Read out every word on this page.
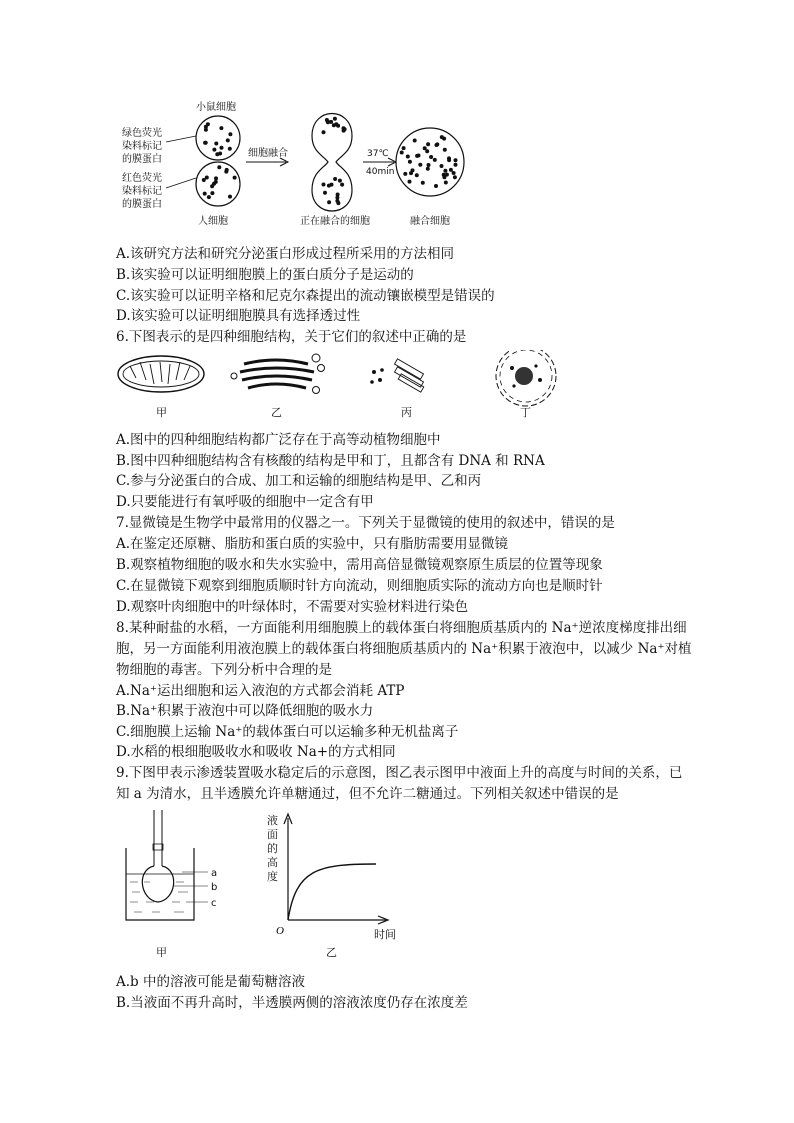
小鼠细胞
绿色荧光
染料标记
的膜蛋白
红色荧光
染料标记
的膜蛋白
人细胞
细胞融合
正在融合的细胞
37℃
40min
融合细胞
A.该研究方法和研究分泌蛋白形成过程所采用的方法相同
B.该实验可以证明细胞膜上的蛋白质分子是运动的
C.该实验可以证明辛格和尼克尔森提出的流动镶嵌模型是错误的
D.该实验可以证明细胞膜具有选择透过性
6.下图表示的是四种细胞结构，关于它们的叙述中正确的是
甲	乙	丙	丁
A.图中的四种细胞结构都广泛存在于高等动植物细胞中
B.图中四种细胞结构含有核酸的结构是甲和丁，且都含有 DNA 和 RNA
C.参与分泌蛋白的合成、加工和运输的细胞结构是甲、乙和丙
D.只要能进行有氧呼吸的细胞中一定含有甲
7.显微镜是生物学中最常用的仪器之一。下列关于显微镜的使用的叙述中，错误的是
A.在鉴定还原糖、脂肪和蛋白质的实验中，只有脂肪需要用显微镜
B.观察植物细胞的吸水和失水实验中，需用高倍显微镜观察原生质层的位置等现象
C.在显微镜下观察到细胞质顺时针方向流动，则细胞质实际的流动方向也是顺时针
D.观察叶肉细胞中的叶绿体时，不需要对实验材料进行染色
8.某种耐盐的水稻，一方面能利用细胞膜上的载体蛋白将细胞质基质内的 Na⁺逆浓度梯度排出细
胞，另一方面能利用液泡膜上的载体蛋白将细胞质基质内的 Na⁺积累于液泡中，以减少 Na⁺对植
物细胞的毒害。下列分析中合理的是
A.Na⁺运出细胞和运入液泡的方式都会消耗 ATP
B.Na⁺积累于液泡中可以降低细胞的吸水力
C.细胞膜上运输 Na⁺的载体蛋白可以运输多种无机盐离子
D.水稻的根细胞吸收水和吸收 Na+的方式相同
9.下图甲表示渗透装置吸水稳定后的示意图，图乙表示图甲中液面上升的高度与时间的关系，已
知 a 为清水，且半透膜允许单糖通过，但不允许二糖通过。下列相关叙述中错误的是
a
b
c
甲
液
面
的
高
度
O	时间
乙
A.b 中的溶液可能是葡萄糖溶液
B.当液面不再升高时，半透膜两侧的溶液浓度仍存在浓度差
